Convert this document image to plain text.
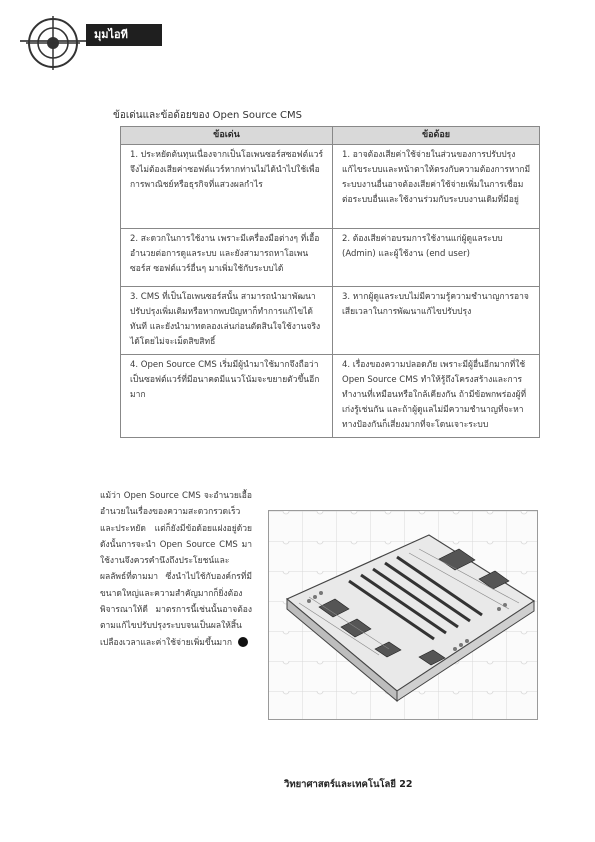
มุมไอที
ข้อเด่นและข้อด้อยของ Open Source CMS
ข้อเด่น	ข้อด้อย
1. ประหยัดต้นทุนเนื่องจากเป็นโอเพนซอร์สซอฟต์แวร์จึงไม่ต้องเสียค่าซอฟต์แวร์หากท่านไม่ได้นำไปใช้เพื่อการพาณิชย์หรือธุรกิจที่แสวงผลกำไร	1. อาจต้องเสียค่าใช้จ่ายในส่วนของการปรับปรุงแก้ไขระบบและหน้าตาให้ตรงกับความต้องการหากมีระบบงานอื่นอาจต้องเสียค่าใช้จ่ายเพิ่มในการเชื่อมต่อระบบอื่นและใช้งานร่วมกับระบบงานเดิมที่มีอยู่
2. สะดวกในการใช้งาน เพราะมีเครื่องมือต่างๆ ที่เอื้ออำนวยต่อการดูแลระบบ และยังสามารถหาโอเพนซอร์ส ซอฟต์แวร์อื่นๆ มาเพิ่มใช้กับระบบได้	2. ต้องเสียค่าอบรมการใช้งานแก่ผู้ดูแลระบบ (Admin) และผู้ใช้งาน (end user)
3. CMS ที่เป็นโอเพนซอร์สนั้น สามารถนำมาพัฒนาปรับปรุงเพิ่มเติมหรือหากพบปัญหาก็ทำการแก้ไขได้ทันที และยังนำมาทดลองเล่นก่อนตัดสินใจใช้งานจริงได้โดยไม่จะเม็ดสิขสิทธิ์	3. หากผู้ดูแลระบบไม่มีความรู้ความชำนาญการอาจเสียเวลาในการพัฒนาแก้ไขปรับปรุง
4. Open Source CMS เริ่มมีผู้นำมาใช้มากจึงถือว่าเป็นซอฟต์แวร์ที่มีอนาคตมีแนวโน้มจะขยายตัวขึ้นอีกมาก	4. เรื่องของความปลอดภัย เพราะมีผู้อื่นอีกมากที่ใช้ Open Source CMS ทำให้รู้ถึงโครงสร้างและการทำงานที่เหมือนหรือใกล้เคียงกัน ถ้ามีข้อพกพร่องผู้ที่เก่งรู้เช่นกัน และถ้าผู้ดูแลไม่มีความชำนาญที่จะหาทางป้องกันก็เสี่ยงมากที่จะโดนเจาะระบบ
แม้ว่า Open Source CMS จะอำนวยเอื้ออำนวยในเรื่องของความสะดวกรวดเร็ว และประหยัด แต่ก็ยังมีข้อด้อยแฝงอยู่ด้วย ดังนั้นการจะนำ Open Source CMS มาใช้งานจึงควรคำนึงถึงประโยชน์และผลลัพธ์ที่ตามมา ซึ่งนำไปใช้กับองค์กรที่มีขนาดใหญ่และความสำคัญมากก็ยิ่งต้องพิจารณาให้ดี มาตรการนี้เช่นนั้นอาจต้องตามแก้ไขปรับปรุงระบบจนเป็นผลให้สิ้นเปลืองเวลาและค่าใช้จ่ายเพิ่มขึ้นมาก
วิทยาศาสตร์และเทคโนโลยี 22
